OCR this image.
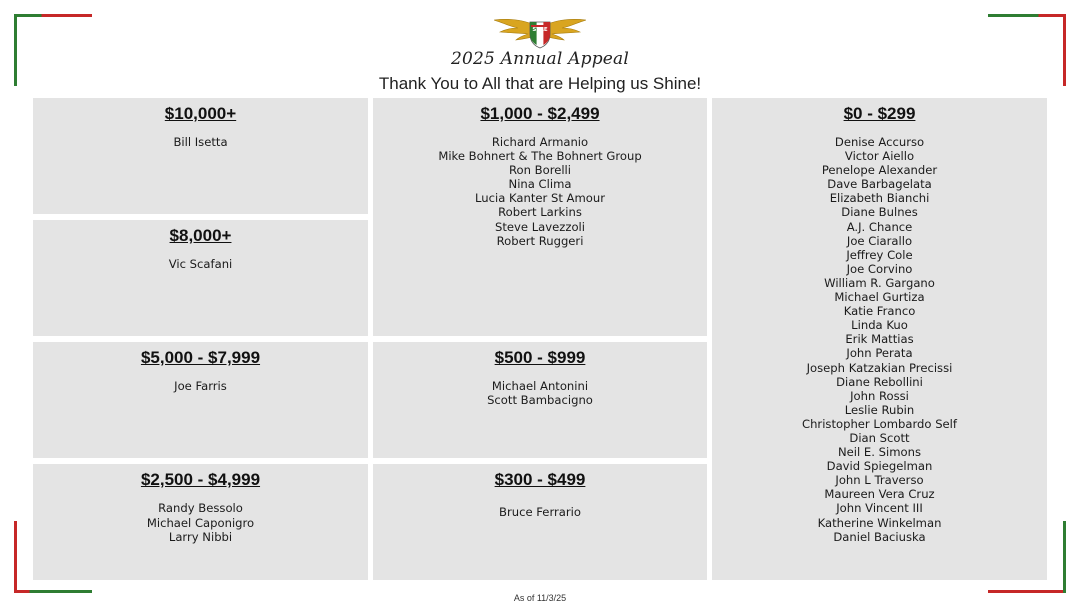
STAE
2025 Annual Appeal
Thank You to All that are Helping us Shine!
$10,000+
Bill Isetta
$8,000+
Vic Scafani
$5,000 - $7,999
Joe Farris
$2,500 - $4,999
Randy Bessolo
Michael Caponigro
Larry Nibbi
$1,000 - $2,499
Richard Armanio
Mike Bohnert & The Bohnert Group
Ron Borelli
Nina Clima
Lucia Kanter St Amour
Robert Larkins
Steve Lavezzoli
Robert Ruggeri
$500 - $999
Michael Antonini
Scott Bambacigno
$300 - $499
Bruce Ferrario
$0 - $299
Denise Accurso
Victor Aiello
Penelope Alexander
Dave Barbagelata
Elizabeth Bianchi
Diane Bulnes
A.J. Chance
Joe Ciarallo
Jeffrey Cole
Joe Corvino
William R. Gargano
Michael Gurtiza
Katie Franco
Linda Kuo
Erik Mattias
John Perata
Joseph Katzakian Precissi
Diane Rebollini
John Rossi
Leslie Rubin
Christopher Lombardo Self
Dian Scott
Neil E. Simons
David Spiegelman
John L Traverso
Maureen Vera Cruz
John Vincent III
Katherine Winkelman
Daniel Baciuska
As of 11/3/25
